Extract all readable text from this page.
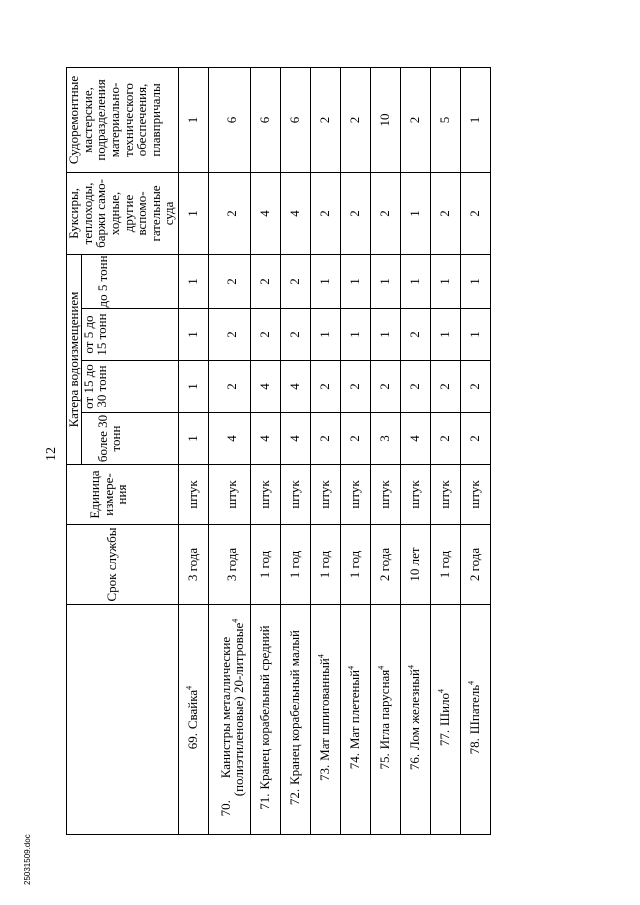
12
25031509.doc
	Срок службы	Единица измере-ния	Катера водоизмещением				Буксиры, теплоходы, баржи само-ходные, другие вспомо-гательные суда	Судоремонтные мастерские, подразделения материально-технического обеспечения, плавпричалы
			более 30 тонн	от 15 до 30 тонн	от 5 до 15 тонн	до 5 тонн		
69.Свайка$^4$	3 года	штук	1	1	1	1	1	1
70.Канистры металлические
(полиэтиленовые) 20-литровые$^4$	3 года	штук	4	2	2	2	2	6
71.Кранец корабельный средний	1 год	штук	4	4	2	2	4	6
72.Кранец корабельный малый	1 год	штук	4	4	2	2	4	6
73.Мат шпигованный$^4$	1 год	штук	2	2	1	1	2	2
74.Мат плетеный$^4$	1 год	штук	2	2	1	1	2	2
75.Игла парусная$^4$	2 года	штук	3	2	1	1	2	10
76.Лом железный$^4$	10 лет	штук	4	2	2	1	1	2
77.Шило$^4$	1 год	штук	2	2	1	1	2	5
78.Шпатель$^4$	2 года	штук	2	2	1	1	2	1
